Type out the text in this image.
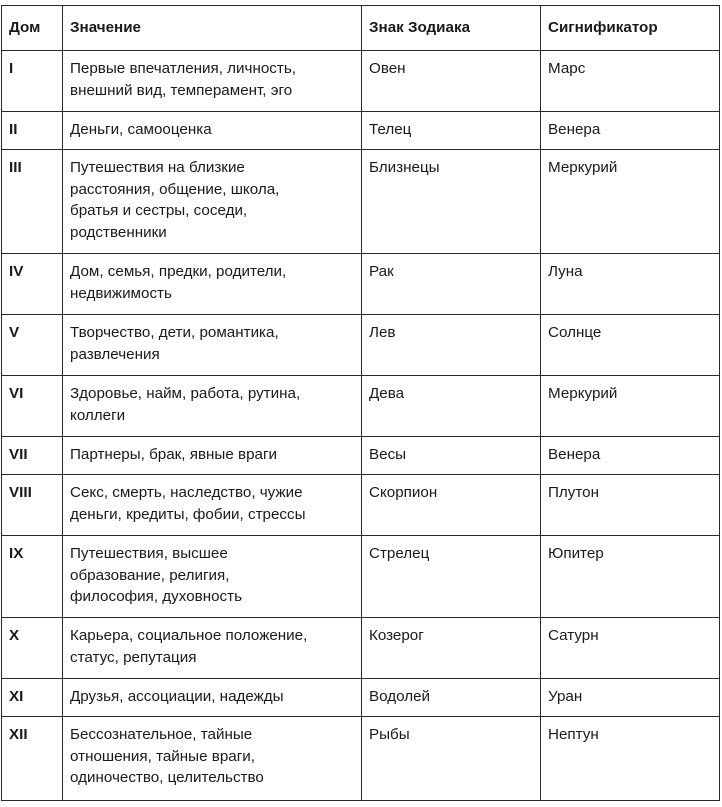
Дом	Значение	Знак Зодиака	Сигнификатор
I	Первые впечатления, личность,
внешний вид, темперамент, эго	Овен	Марс
II	Деньги, самооценка	Телец	Венера
III	Путешествия на близкие
расстояния, общение, школа,
братья и сестры, соседи,
родственники	Близнецы	Меркурий
IV	Дом, семья, предки, родители,
недвижимость	Рак	Луна
V	Творчество, дети, романтика,
развлечения	Лев	Солнце
VI	Здоровье, найм, работа, рутина,
коллеги	Дева	Меркурий
VII	Партнеры, брак, явные враги	Весы	Венера
VIII	Секс, смерть, наследство, чужие
деньги, кредиты, фобии, стрессы	Скорпион	Плутон
IX	Путешествия, высшее
образование, религия,
философия, духовность	Стрелец	Юпитер
X	Карьера, социальное положение,
статус, репутация	Козерог	Сатурн
XI	Друзья, ассоциации, надежды	Водолей	Уран
XII	Бессознательное, тайные
отношения, тайные враги,
одиночество, целительство	Рыбы	Нептун
